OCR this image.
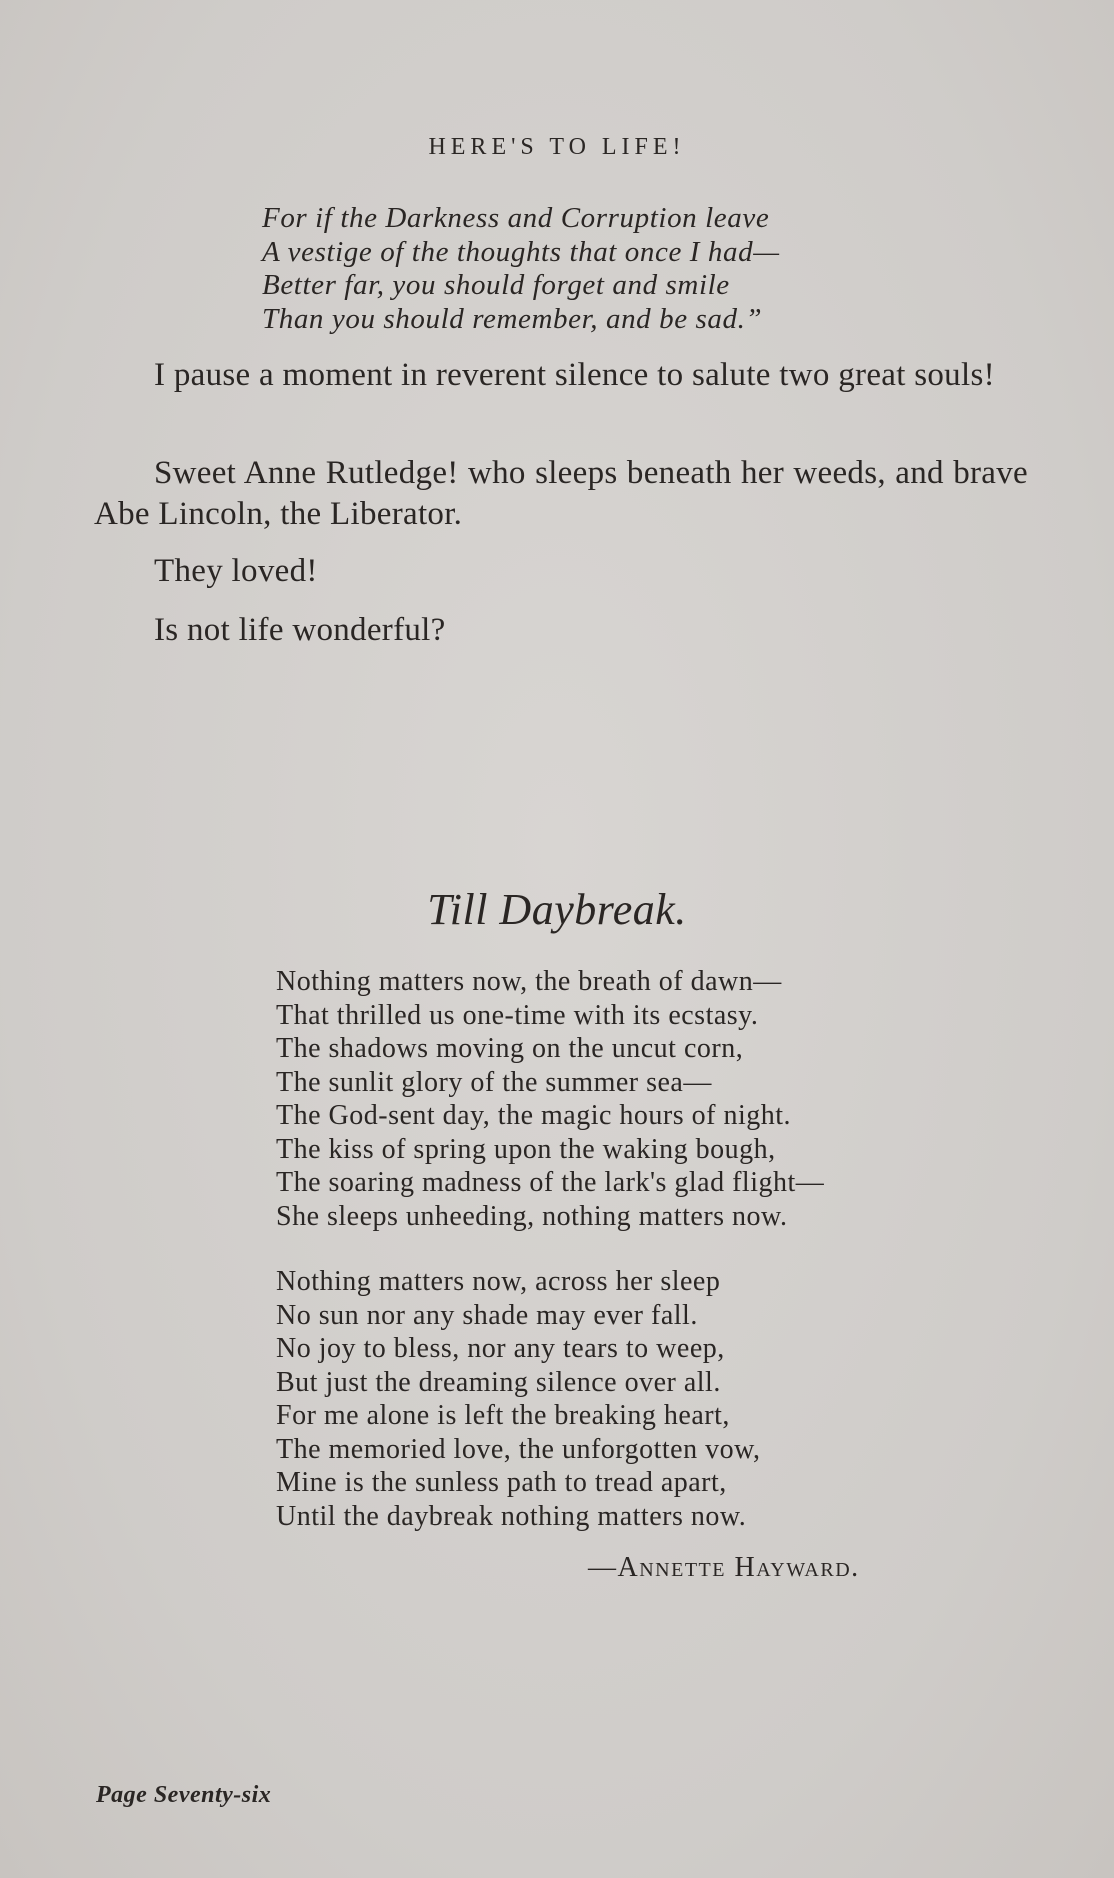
HERE'S TO LIFE!
For if the Darkness and Corruption leave
A vestige of the thoughts that once I had—
Better far, you should forget and smile
Than you should remember, and be sad.”

I pause a moment in reverent silence to salute two great souls!

Sweet Anne Rutledge! who sleeps beneath her weeds, and brave Abe Lincoln, the Liberator.

They loved!

Is not life wonderful?

Till Daybreak.
Nothing matters now, the breath of dawn—
That thrilled us one-time with its ecstasy.
The shadows moving on the uncut corn,
The sunlit glory of the summer sea—
The God-sent day, the magic hours of night.
The kiss of spring upon the waking bough,
The soaring madness of the lark's glad flight—
She sleeps unheeding, nothing matters now.
Nothing matters now, across her sleep
No sun nor any shade may ever fall.
No joy to bless, nor any tears to weep,
But just the dreaming silence over all.
For me alone is left the breaking heart,
The memoried love, the unforgotten vow,
Mine is the sunless path to tread apart,
Until the daybreak nothing matters now.
—Annette Hayward.
Page Seventy-six
